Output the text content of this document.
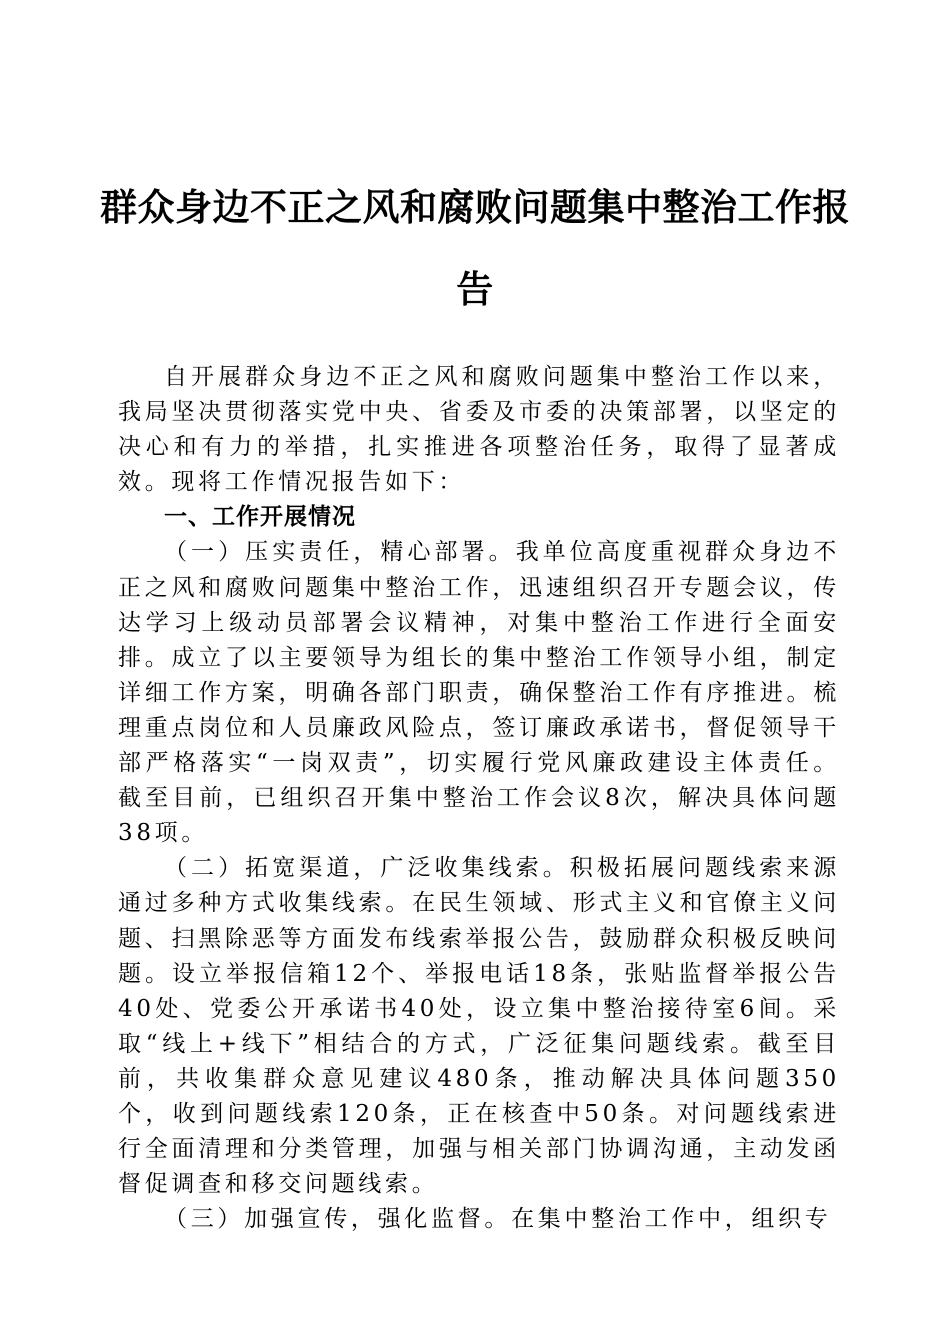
群众身边不正之风和腐败问题集中整治工作报告

自开展群众身边不正之风和腐败问题集中整治工作以来，我局坚决贯彻落实党中央、省委及市委的决策部署，以坚定的决心和有力的举措，扎实推进各项整治任务，取得了显著成效。现将工作情况报告如下：

一、工作开展情况

（一）压实责任，精心部署。我单位高度重视群众身边不正之风和腐败问题集中整治工作，迅速组织召开专题会议，传达学习上级动员部署会议精神，对集中整治工作进行全面安排。成立了以主要领导为组长的集中整治工作领导小组，制定详细工作方案，明确各部门职责，确保整治工作有序推进。梳理重点岗位和人员廉政风险点，签订廉政承诺书，督促领导干部严格落实“一岗双责”，切实履行党风廉政建设主体责任。截至目前，已组织召开集中整治工作会议8次，解决具体问题38项。

（二）拓宽渠道，广泛收集线索。积极拓展问题线索来源通过多种方式收集线索。在民生领域、形式主义和官僚主义问题、扫黑除恶等方面发布线索举报公告，鼓励群众积极反映问题。设立举报信箱12个、举报电话18条，张贴监督举报公告40处、党委公开承诺书40处，设立集中整治接待室6间。采取“线上+线下”相结合的方式，广泛征集问题线索。截至目前，共收集群众意见建议480条，推动解决具体问题350个，收到问题线索120条，正在核查中50条。对问题线索进行全面清理和分类管理，加强与相关部门协调沟通，主动发函督促调查和移交问题线索。

（三）加强宣传，强化监督。在集中整治工作中，组织专
